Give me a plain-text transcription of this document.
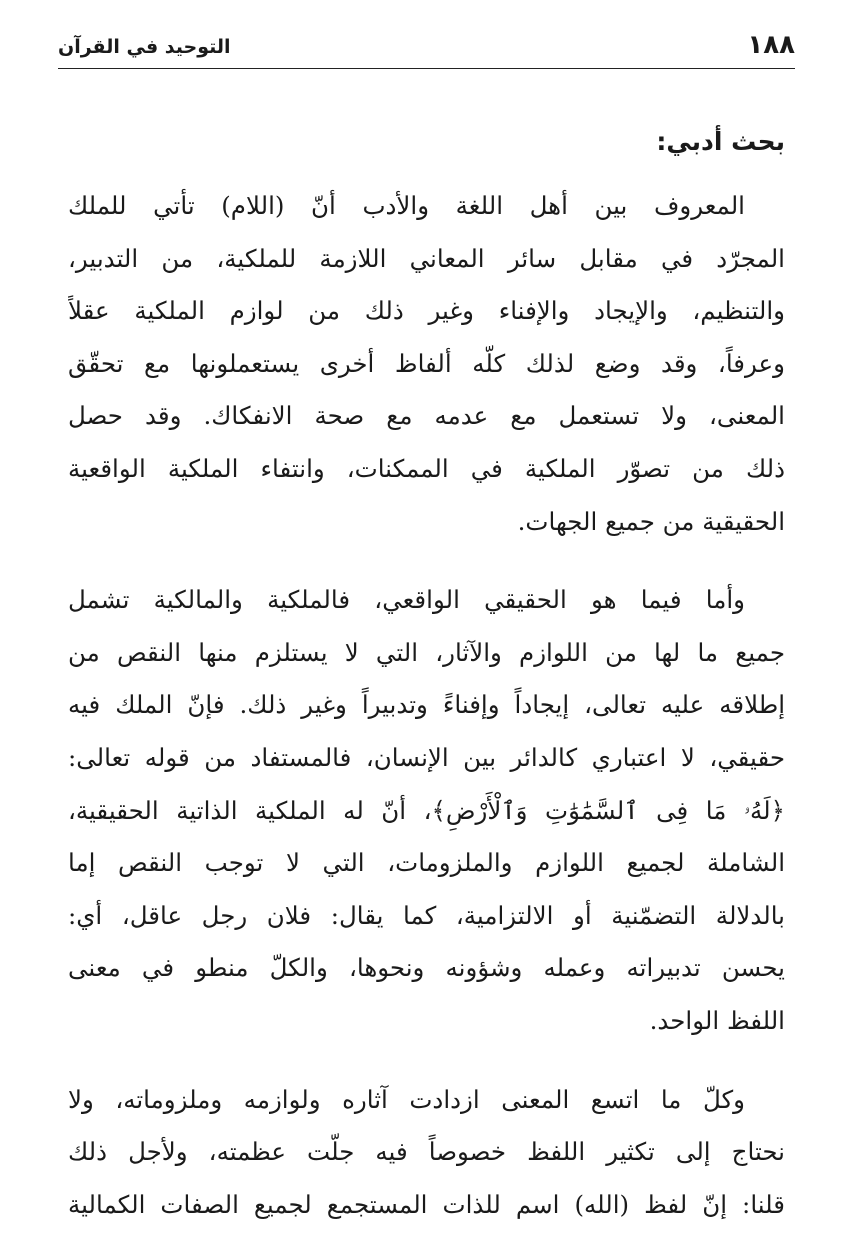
١٨٨
التوحيد في القرآن
بحث أدبي:
المعروف بين أهل اللغة والأدب أنّ (اللام) تأتي للملك
المجرّد في مقابل سائر المعاني اللازمة للملكية، من التدبير،
والتنظيم، والإيجاد والإفناء وغير ذلك من لوازم الملكية عقلاً
وعرفاً، وقد وضع لذلك كلّه ألفاظ أخرى يستعملونها مع تحقّق
المعنى، ولا تستعمل مع عدمه مع صحة الانفكاك. وقد حصل
ذلك من تصوّر الملكية في الممكنات، وانتفاء الملكية الواقعية
الحقيقية من جميع الجهات.
وأما فيما هو الحقيقي الواقعي، فالملكية والمالكية تشمل
جميع ما لها من اللوازم والآثار، التي لا يستلزم منها النقص من
إطلاقه عليه تعالى، إيجاداً وإفناءً وتدبيراً وغير ذلك. فإنّ الملك فيه
حقيقي، لا اعتباري كالدائر بين الإنسان، فالمستفاد من قوله تعالى:
﴿لَهُۥ مَا فِى ٱلسَّمَٰوَٰتِ وَٱلْأَرْضِ﴾، أنّ له الملكية الذاتية الحقيقية،
الشاملة لجميع اللوازم والملزومات، التي لا توجب النقص إما
بالدلالة التضمّنية أو الالتزامية، كما يقال: فلان رجل عاقل، أي:
يحسن تدبيراته وعمله وشؤونه ونحوها، والكلّ منطو في معنى
اللفظ الواحد.
وكلّ ما اتسع المعنى ازدادت آثاره ولوازمه وملزوماته، ولا
نحتاج إلى تكثير اللفظ خصوصاً فيه جلّت عظمته، ولأجل ذلك
قلنا: إنّ لفظ (الله) اسم للذات المستجمع لجميع الصفات الكمالية
